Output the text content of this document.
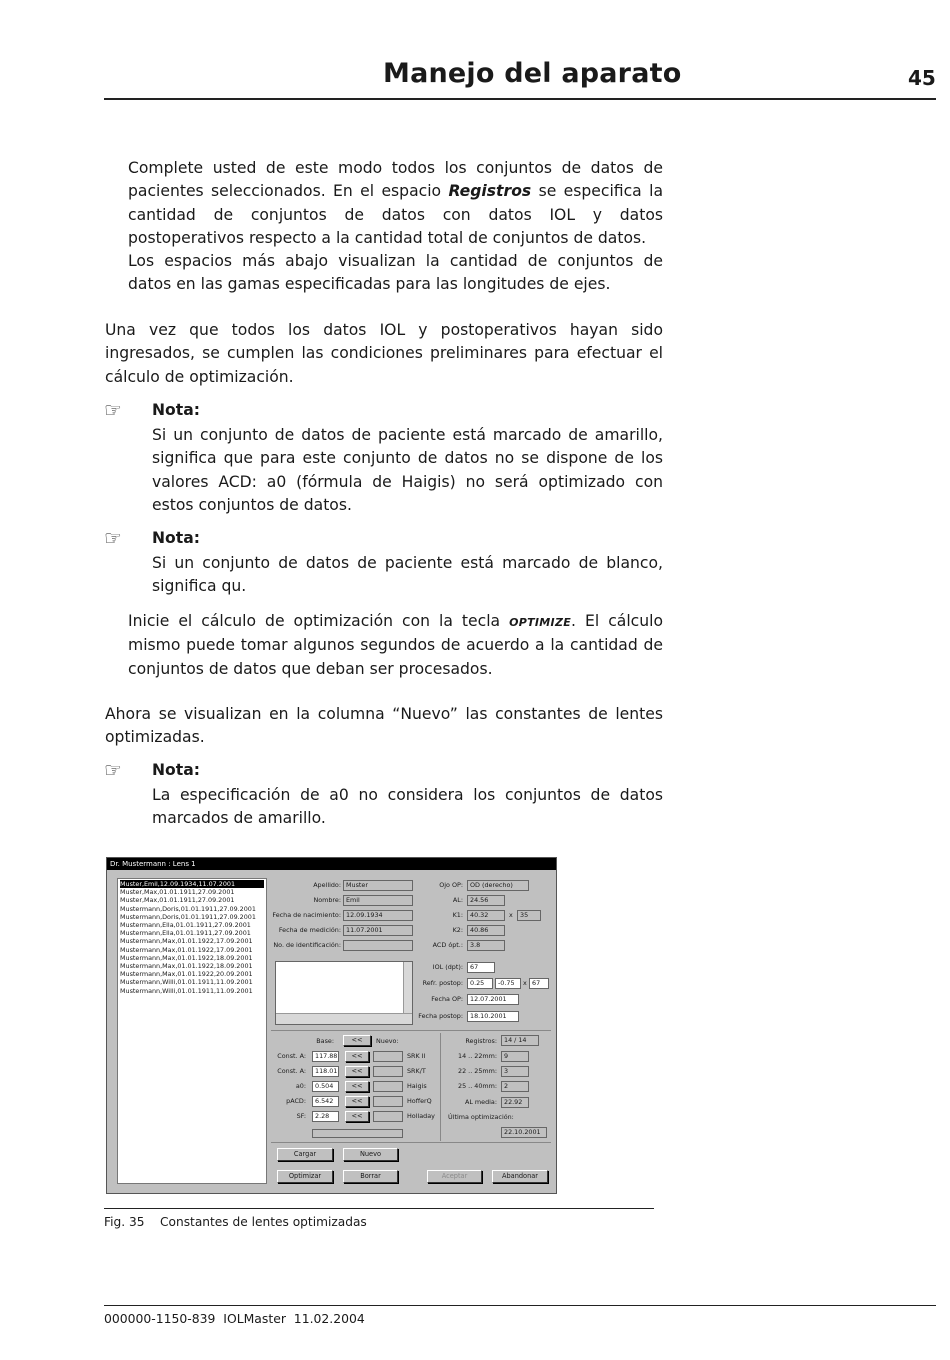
Manejo del aparato	45
Complete usted de este modo todos los conjuntos de datos de pacientes seleccionados. En el espacio Registros se especifica la cantidad de conjuntos de datos con datos IOL y datos postoperativos respecto a la cantidad total de conjuntos de datos.
Los espacios más abajo visualizan la cantidad de conjuntos de datos en las gamas especificadas para las longitudes de ejes.
Una vez que todos los datos IOL y postoperativos hayan sido ingresados, se cumplen las condiciones preliminares para efectuar el cálculo de optimización.
☞ Nota:
Si un conjunto de datos de paciente está marcado de amarillo, significa que para este conjunto de datos no se dispone de los valores ACD: a0 (fórmula de Haigis) no será optimizado con estos conjuntos de datos.
☞ Nota:
Si un conjunto de datos de paciente está marcado de blanco, significa qu.
Inicie el cálculo de optimización con la tecla OPTIMIZE. El cálculo mismo puede tomar algunos segundos de acuerdo a la cantidad de conjuntos de datos que deban ser procesados.
Ahora se visualizan en la columna “Nuevo” las constantes de lentes optimizadas.
☞ Nota:
La especificación de a0 no considera los conjuntos de datos marcados de amarillo.
Dr. Mustermann : Lens 1
Muster,Emil,12.09.1934,11.07.2001
Muster,Max,01.01.1911,27.09.2001
Muster,Max,01.01.1911,27.09.2001
Mustermann,Doris,01.01.1911,27.09.2001
Mustermann,Doris,01.01.1911,27.09.2001
Mustermann,Ella,01.01.1911,27.09.2001
Mustermann,Ella,01.01.1911,27.09.2001
Mustermann,Max,01.01.1922,17.09.2001
Mustermann,Max,01.01.1922,17.09.2001
Mustermann,Max,01.01.1922,18.09.2001
Mustermann,Max,01.01.1922,18.09.2001
Mustermann,Max,01.01.1922,20.09.2001
Mustermann,Willi,01.01.1911,11.09.2001
Mustermann,Willi,01.01.1911,11.09.2001
Apellido: Muster
Nombre: Emil
Fecha de nacimiento: 12.09.1934
Fecha de medición: 11.07.2001
No. de identificación:
Ojo OP:	OD (derecho)
AL:	24.56
K1:	40.32	x	35
K2:	40.86
ACD ópt.:	3.8
IOL (dpt):	67
Refr. postop:	0.25	-0.75	x 67
Fecha OP:	12.07.2001
Fecha postop:	18.10.2001
Base:	<<	Nuevo:
Const. A:	117.88	<<	SRK II
Const. A:	118.01	<<	SRK/T
a0:	0.504	<<	Haigis
pACD:	6.542	<<	HofferQ
SF:	2.28	<<	Holladay
Registros:	14 / 14
14 .. 22mm:	9
22 .. 25mm:	3
25 .. 40mm:	2
AL media:	22.92
Última optimización:
22.10.2001
Cargar	Nuevo
Optimizar	Borrar	Aceptar	Abandonar
Fig. 35    Constantes de lentes optimizadas
000000-1150-839  IOLMaster  11.02.2004
